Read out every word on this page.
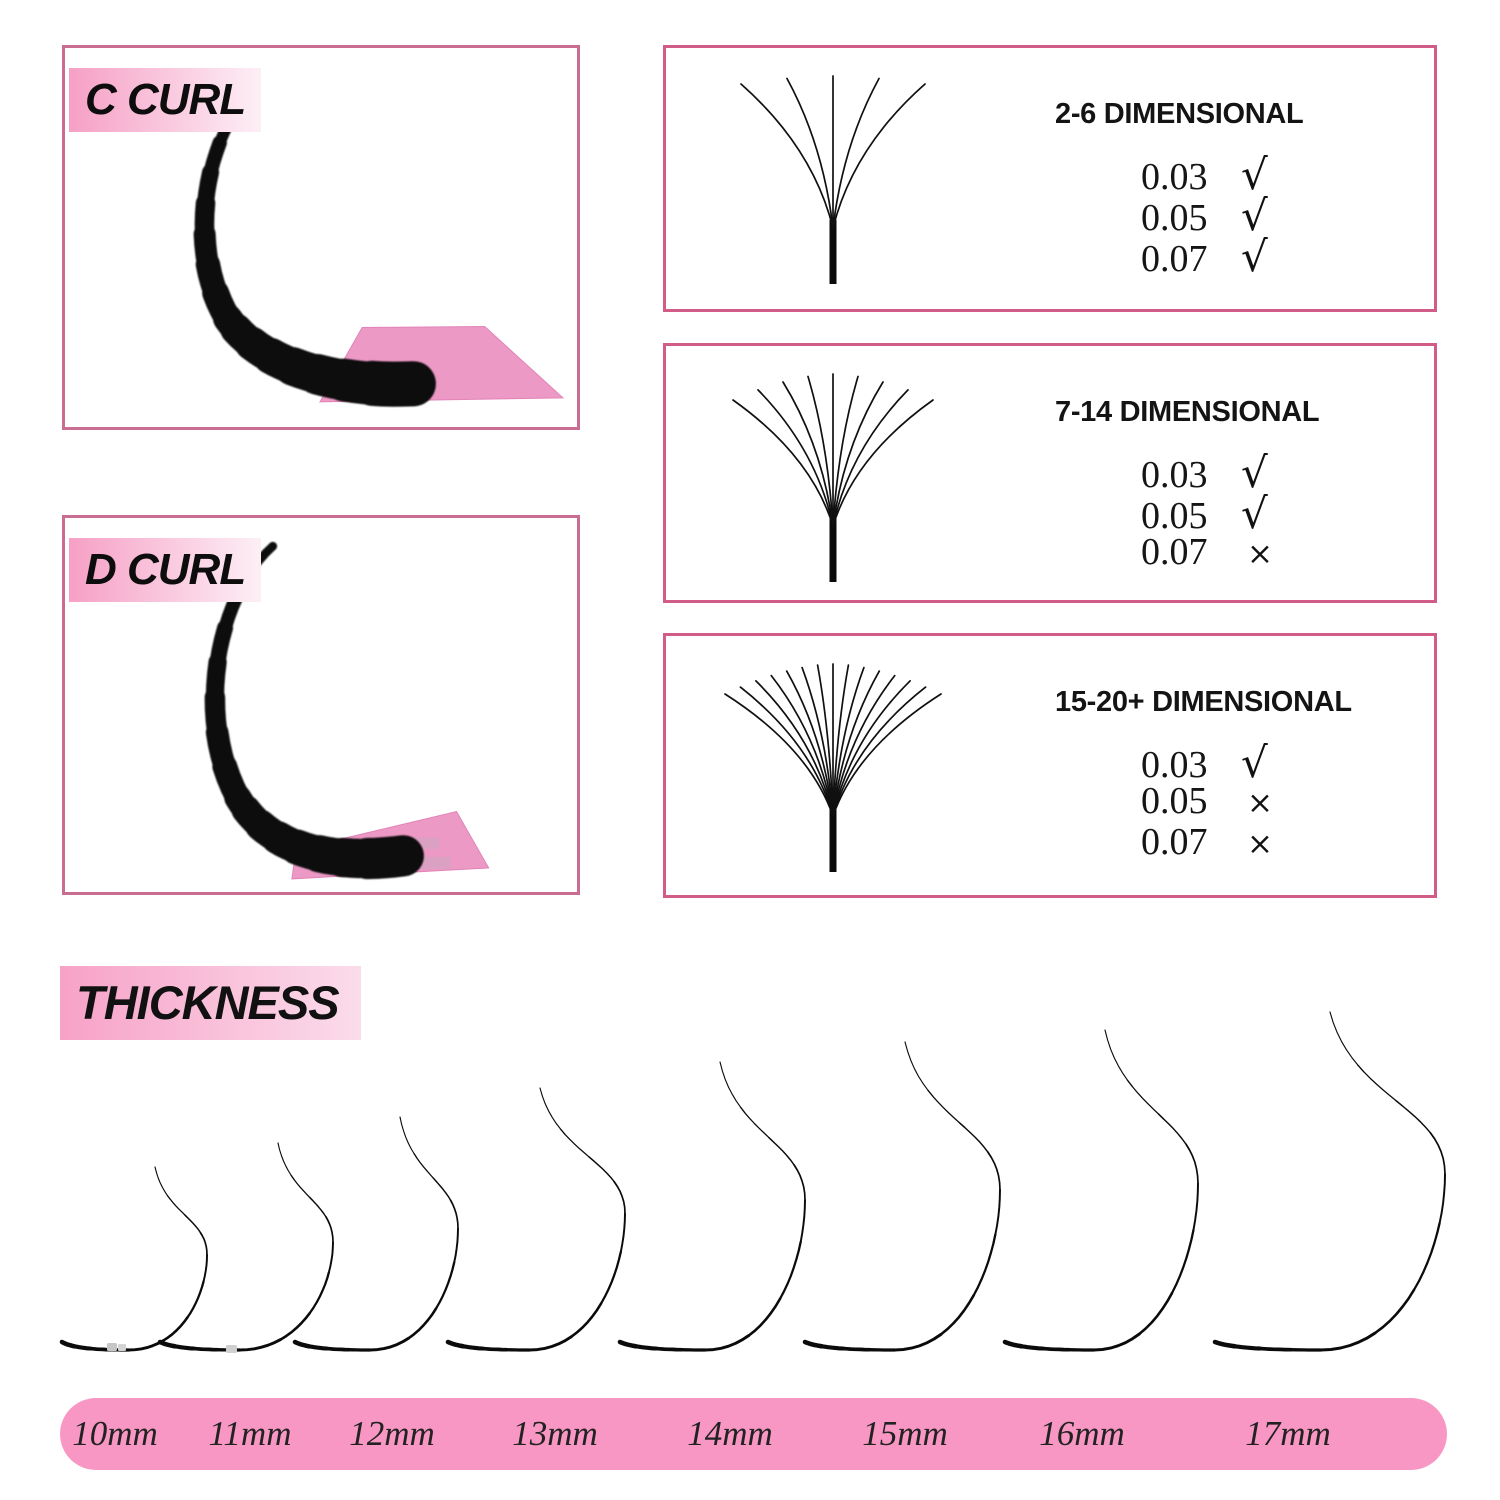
C CURL
D CURL
2-6 DIMENSIONAL
0.03 √
0.05 √
0.07 √
7-14 DIMENSIONAL
0.03 √
0.05 √
0.07	×
15-20+ DIMENSIONAL
0.03 √
0.05	×
0.07	×
THICKNESS
10mm	11mm	12mm	13mm	14mm	15mm	16mm	17mm
